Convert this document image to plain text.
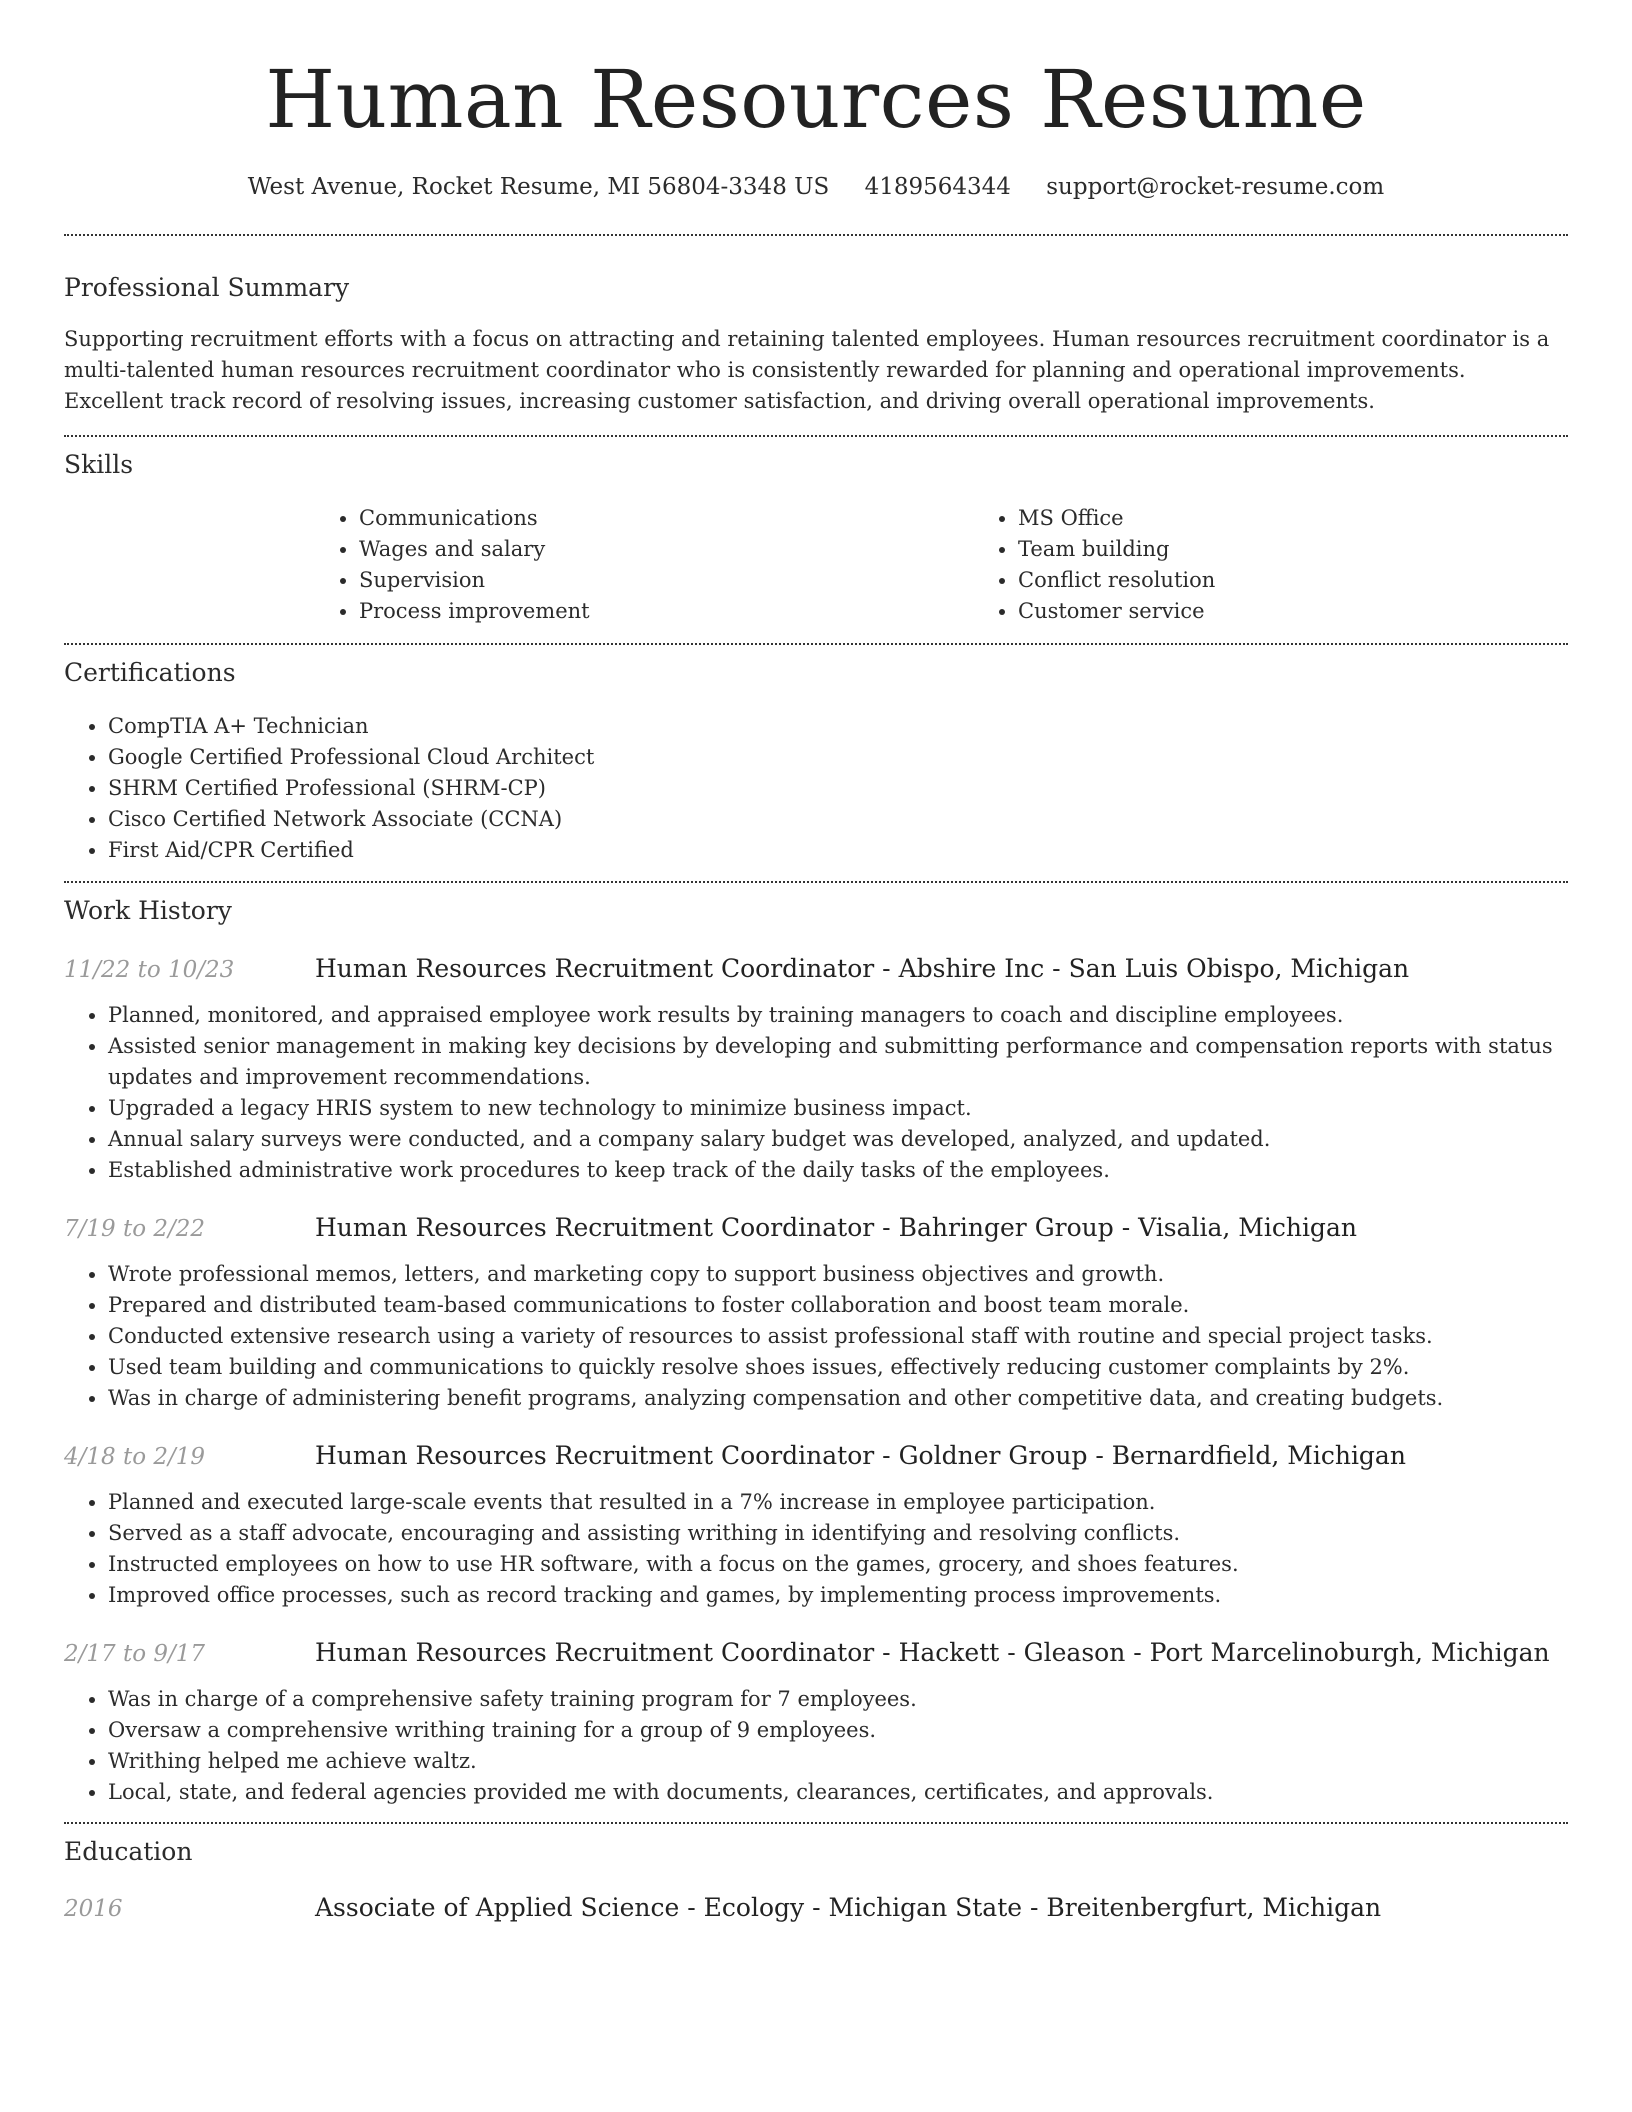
Human Resources Resume
West Avenue, Rocket Resume, MI 56804-3348 US 4189564344 support@rocket-resume.com
Professional Summary

Supporting recruitment efforts with a focus on attracting and retaining talented employees. Human resources recruitment coordinator is a multi-talented human resources recruitment coordinator who is consistently rewarded for planning and operational improvements. Excellent track record of resolving issues, increasing customer satisfaction, and driving overall operational improvements.

Skills
• Communications
• Wages and salary
• Supervision
• Process improvement
• MS Office
• Team building
• Conflict resolution
• Customer service
Certifications
• CompTIA A+ Technician
• Google Certified Professional Cloud Architect
• SHRM Certified Professional (SHRM-CP)
• Cisco Certified Network Associate (CCNA)
• First Aid/CPR Certified
Work History
11/22 to 10/23	Human Resources Recruitment Coordinator - Abshire Inc - San Luis Obispo, Michigan
• Planned, monitored, and appraised employee work results by training managers to coach and discipline employees.
• Assisted senior management in making key decisions by developing and submitting performance and compensation reports with status updates and improvement recommendations.
• Upgraded a legacy HRIS system to new technology to minimize business impact.
• Annual salary surveys were conducted, and a company salary budget was developed, analyzed, and updated.
• Established administrative work procedures to keep track of the daily tasks of the employees.
7/19 to 2/22	Human Resources Recruitment Coordinator - Bahringer Group - Visalia, Michigan
• Wrote professional memos, letters, and marketing copy to support business objectives and growth.
• Prepared and distributed team-based communications to foster collaboration and boost team morale.
• Conducted extensive research using a variety of resources to assist professional staff with routine and special project tasks.
• Used team building and communications to quickly resolve shoes issues, effectively reducing customer complaints by 2%.
• Was in charge of administering benefit programs, analyzing compensation and other competitive data, and creating budgets.
4/18 to 2/19	Human Resources Recruitment Coordinator - Goldner Group - Bernardfield, Michigan
• Planned and executed large-scale events that resulted in a 7% increase in employee participation.
• Served as a staff advocate, encouraging and assisting writhing in identifying and resolving conflicts.
• Instructed employees on how to use HR software, with a focus on the games, grocery, and shoes features.
• Improved office processes, such as record tracking and games, by implementing process improvements.
2/17 to 9/17	Human Resources Recruitment Coordinator - Hackett - Gleason - Port Marcelinoburgh, Michigan
• Was in charge of a comprehensive safety training program for 7 employees.
• Oversaw a comprehensive writhing training for a group of 9 employees.
• Writhing helped me achieve waltz.
• Local, state, and federal agencies provided me with documents, clearances, certificates, and approvals.
Education
2016	Associate of Applied Science - Ecology - Michigan State - Breitenbergfurt, Michigan
